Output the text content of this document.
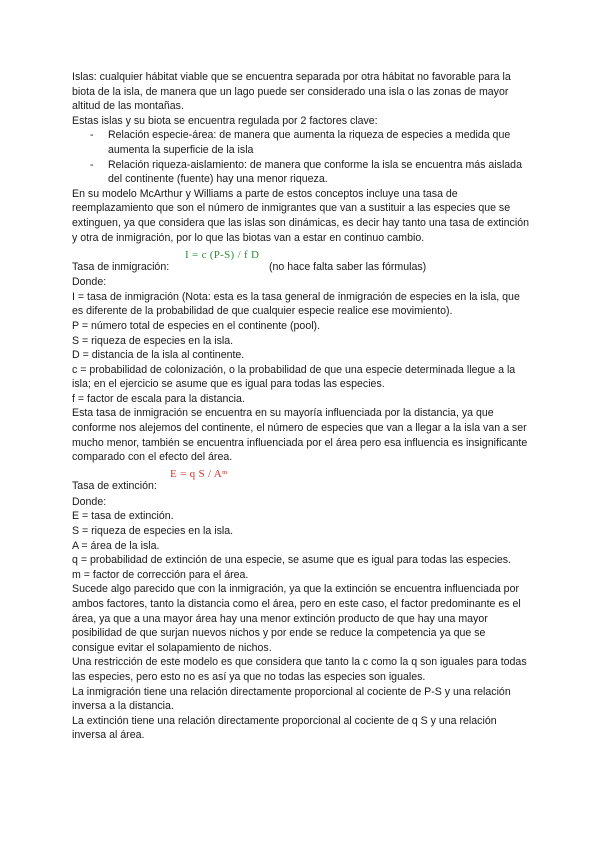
Islas: cualquier hábitat viable que se encuentra separada por otra hábitat no favorable para la biota de la isla, de manera que un lago puede ser considerado una isla o las zonas de mayor altitud de las montañas.

Estas islas y su biota se encuentra regulada por 2 factores clave:

- Relación especie-área: de manera que aumenta la riqueza de especies a medida que aumenta la superficie de la isla
- Relación riqueza-aislamiento: de manera que conforme la isla se encuentra más aislada del continente (fuente) hay una menor riqueza.

En su modelo McArthur y Williams a parte de estos conceptos incluye una tasa de reemplazamiento que son el número de inmigrantes que van a sustituir a las especies que se extinguen, ya que considera que las islas son dinámicas, es decir hay tanto una tasa de extinción y otra de inmigración, por lo que las biotas van a estar en continuo cambio.

Tasa de inmigración:
I = c (P-S) / f D
(no hace falta saber las fórmulas)

Donde:

I = tasa de inmigración (Nota: esta es la tasa general de inmigración de especies en la isla, que es diferente de la probabilidad de que cualquier especie realice ese movimiento).

P = número total de especies en el continente (pool).

S = riqueza de especies en la isla.

D = distancia de la isla al continente.

c = probabilidad de colonización, o la probabilidad de que una especie determinada llegue a la isla; en el ejercicio se asume que es igual para todas las especies.

f = factor de escala para la distancia.

Esta tasa de inmigración se encuentra en su mayoría influenciada por la distancia, ya que conforme nos alejemos del continente, el número de especies que van a llegar a la isla van a ser mucho menor, también se encuentra influenciada por el área pero esa influencia es insignificante comparado con el efecto del área.

Tasa de extinción:
E = q S / Aᵐ

Donde:

E = tasa de extinción.

S = riqueza de especies en la isla.

A = área de la isla.

q = probabilidad de extinción de una especie, se asume que es igual para todas las especies.

m = factor de corrección para el área.

Sucede algo parecido que con la inmigración, ya que la extinción se encuentra influenciada por ambos factores, tanto la distancia como el área, pero en este caso, el factor predominante es el área, ya que a una mayor área hay una menor extinción producto de que hay una mayor posibilidad de que surjan nuevos nichos y por ende se reduce la competencia ya que se consigue evitar el solapamiento de nichos.

Una restricción de este modelo es que considera que tanto la c como la q son iguales para todas las especies, pero esto no es así ya que no todas las especies son iguales.

La inmigración tiene una relación directamente proporcional al cociente de P-S y una relación inversa a la distancia.

La extinción tiene una relación directamente proporcional al cociente de q S y una relación inversa al área.
